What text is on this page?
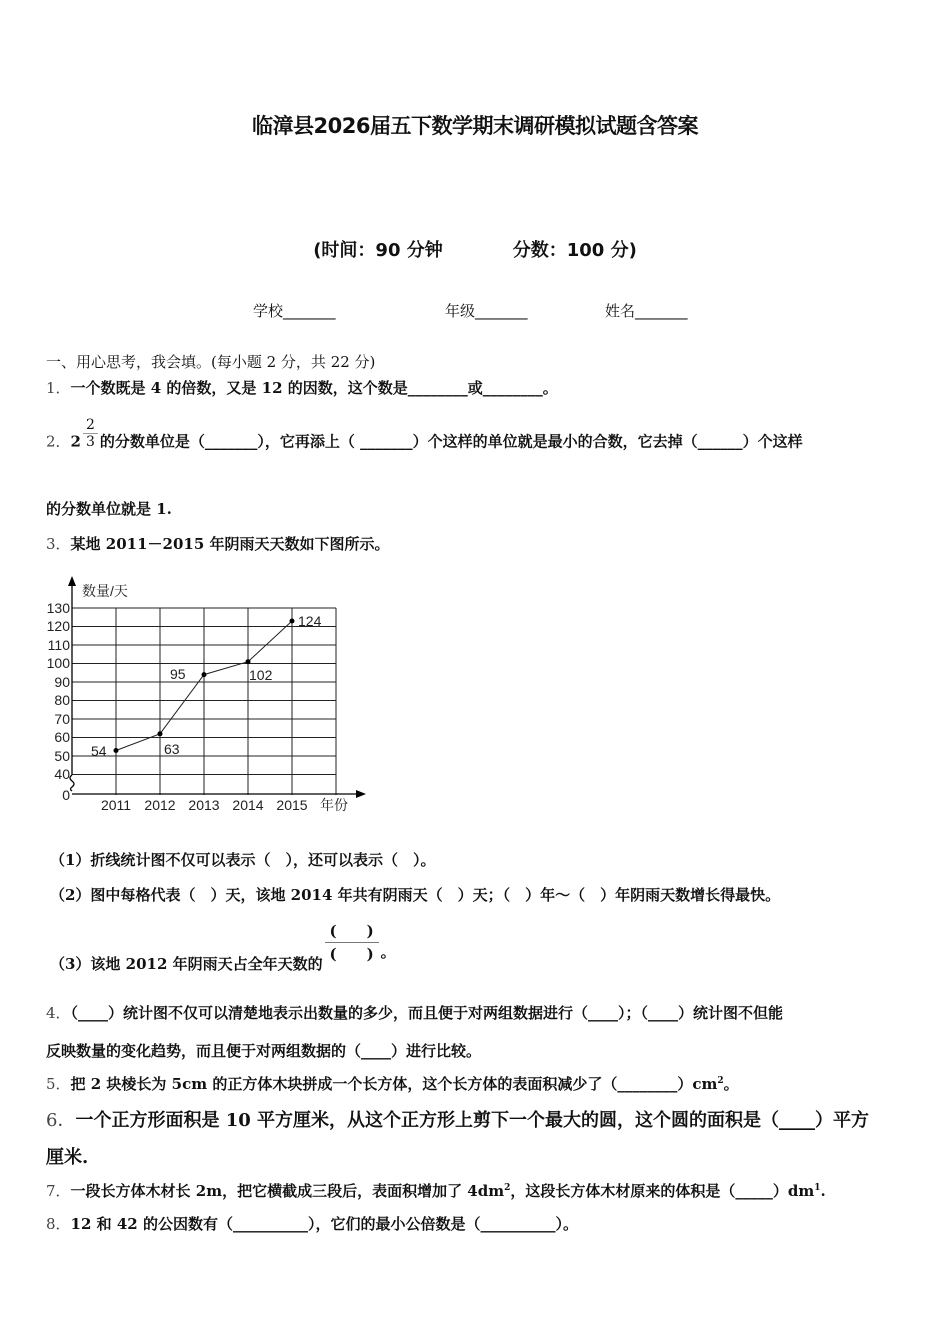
临漳县2026届五下数学期末调研模拟试题含答案
(时间：90 分钟	分数：100 分)
学校_______	年级_______	姓名_______
一、用心思考，我会填。(每小题 2 分，共 22 分)
1．一个数既是 4 的倍数，又是 12 的因数，这个数是________或________。
2．$2 \frac{2}{3}$ 的分数单位是（_______），它再添上（ _______）个这样的单位就是最小的合数，它去掉（______）个这样
的分数单位就是 1.
3．某地 2011－2015 年阴雨天天数如下图所示。
130
120
110
100
90
80
70
60
50
40
0
数量/天
2011 2012 2013 2014 2015 年份
54	63
95	102
124
（1）折线统计图不仅可以表示（　），还可以表示（　）。
（2）图中每格代表（　）天，该地 2014 年共有阴雨天（　）天；（　）年～（　）年阴雨天数增长得最快。
（3）该地 2012 年阴雨天占全年天数的 $\frac{( )}{( )}$ 。
4．（____）统计图不仅可以清楚地表示出数量的多少，而且便于对两组数据进行（____）；（____）统计图不但能
反映数量的变化趋势，而且便于对两组数据的（____）进行比较。
5．把 2 块棱长为 5cm 的正方体木块拼成一个长方体，这个长方体的表面积减少了$(\_\_\_\_\_\_\_\_)cm^2$。
6．一个正方形面积是 10 平方厘米，从这个正方形上剪下一个最大的圆，这个圆的面积是（____）平方
厘米.
7．一段长方体木材长 2m，把它横截成三段后，表面积增加了 $4dm^2$，这段长方体木材原来的体积是$(\_\_\_\_\_)dm^1$.
8．12 和 42 的公因数有（__________），它们的最小公倍数是（__________）。
